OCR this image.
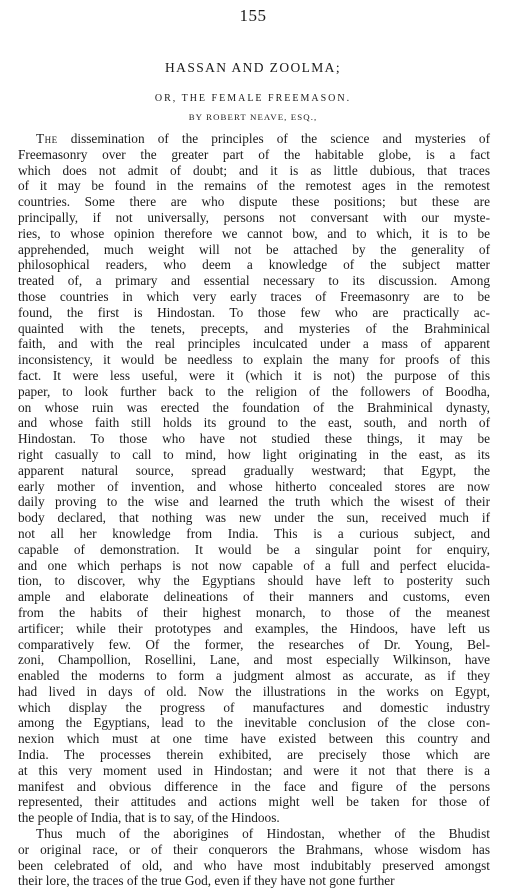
155
HASSAN AND ZOOLMA;
OR, THE FEMALE FREEMASON.
BY ROBERT NEAVE, ESQ.,
The dissemination of the principles of the science and mysteries of
Freemasonry over the greater part of the habitable globe, is a fact
which does not admit of doubt; and it is as little dubious, that traces
of it may be found in the remains of the remotest ages in the remotest
countries. Some there are who dispute these positions; but these are
principally, if not universally, persons not conversant with our myste-
ries, to whose opinion therefore we cannot bow, and to which, it is to be
apprehended, much weight will not be attached by the generality of
philosophical readers, who deem a knowledge of the subject matter
treated of, a primary and essential necessary to its discussion. Among
those countries in which very early traces of Freemasonry are to be
found, the first is Hindostan. To those few who are practically ac-
quainted with the tenets, precepts, and mysteries of the Brahminical
faith, and with the real principles inculcated under a mass of apparent
inconsistency, it would be needless to explain the many for proofs of this
fact. It were less useful, were it (which it is not) the purpose of this
paper, to look further back to the religion of the followers of Boodha,
on whose ruin was erected the foundation of the Brahminical dynasty,
and whose faith still holds its ground to the east, south, and north of
Hindostan. To those who have not studied these things, it may be
right casually to call to mind, how light originating in the east, as its
apparent natural source, spread gradually westward; that Egypt, the
early mother of invention, and whose hitherto concealed stores are now
daily proving to the wise and learned the truth which the wisest of their
body declared, that nothing was new under the sun, received much if
not all her knowledge from India. This is a curious subject, and
capable of demonstration. It would be a singular point for enquiry,
and one which perhaps is not now capable of a full and perfect elucida-
tion, to discover, why the Egyptians should have left to posterity such
ample and elaborate delineations of their manners and customs, even
from the habits of their highest monarch, to those of the meanest
artificer; while their prototypes and examples, the Hindoos, have left us
comparatively few. Of the former, the researches of Dr. Young, Bel-
zoni, Champollion, Rosellini, Lane, and most especially Wilkinson, have
enabled the moderns to form a judgment almost as accurate, as if they
had lived in days of old. Now the illustrations in the works on Egypt,
which display the progress of manufactures and domestic industry
among the Egyptians, lead to the inevitable conclusion of the close con-
nexion which must at one time have existed between this country and
India. The processes therein exhibited, are precisely those which are
at this very moment used in Hindostan; and were it not that there is a
manifest and obvious difference in the face and figure of the persons
represented, their attitudes and actions might well be taken for those of
the people of India, that is to say, of the Hindoos.
Thus much of the aborigines of Hindostan, whether of the Bhudist
or original race, or of their conquerors the Brahmans, whose wisdom has
been celebrated of old, and who have most indubitably preserved amongst
their lore, the traces of the true God, even if they have not gone further
